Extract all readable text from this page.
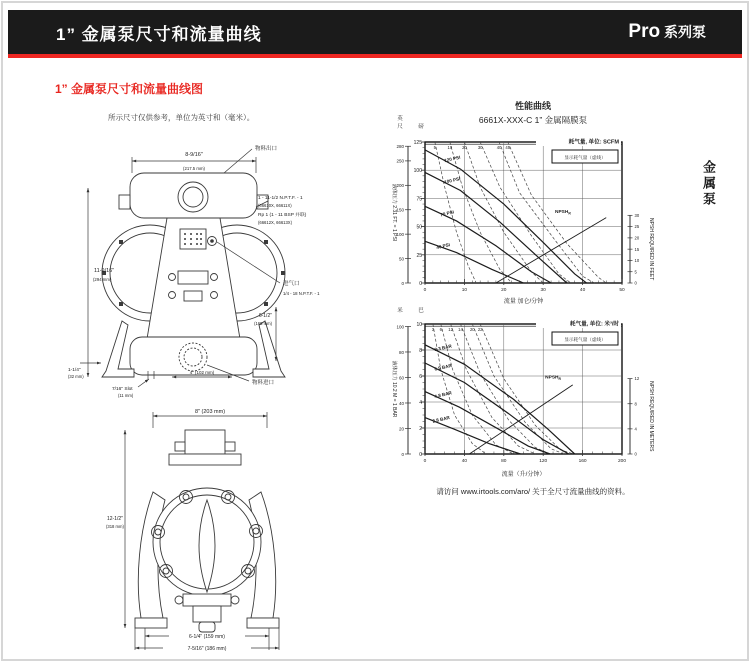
1” 金属泵尺寸和流量曲线	Pro 系列泵
金属泵
1” 金属泵尺寸和流量曲线图
所示尺寸仅供参考，单位为英寸和（毫米）。
8-9/16"
(217.5 mm)
物料出口
1 - 11-1/2 N.P.T.F. - 1
(66610X, 66611X)
Rp 1 (1 - 11 BSP 并联)
(66612X, 66613X)
11-9/16"
(294 mm)
进气口
1/4 - 18 N.P.T.F. - 1
6-1/2"
(165 mm)
1-1/4"
(32 mm)
7/16" Slot
(11 mm)
4" (102 mm)
物料进口
8" (203 mm)
12-1/2"
(318 mm)
6-1/4" (159 mm)
7-5/16" (186 mm)
性能曲线
6661X-XXX-C 1” 金属隔膜泵
0
50
100
150
200
250
280
英
尺	磅
0
25
50
75
100
125
0	10	20	30	40	50
流量 加仑/分钟
5	10 20	30	40 45
120 PSI
100 PSI
70 PSI
40 PSI
$NPSH_R$
显示耗气量（虚线）
耗气量, 单位: SCFM
0
5
10
15
20
25
30
NPSH REQUIRED IN FEET
液体压力 2.31 FT. = 1 PSI
0
20
40
60
80
100
米	巴
0
2
4
6
8
10
0	40	80	120	160	200
流量（升/分钟）
3 6 12 14 20 22
8.3 BAR
6.9 BAR
4.8 BAR
2.8 BAR
$NPSH_R$
显示耗气量（虚线）
耗气量, 单位: 米³/时
0
4
8
12
NPSH REQUIRED IN METERS
液体压力 10.2 M = 1 BAR
请访问 www.irtools.com/aro/ 关于全尺寸流量曲线的资料。
